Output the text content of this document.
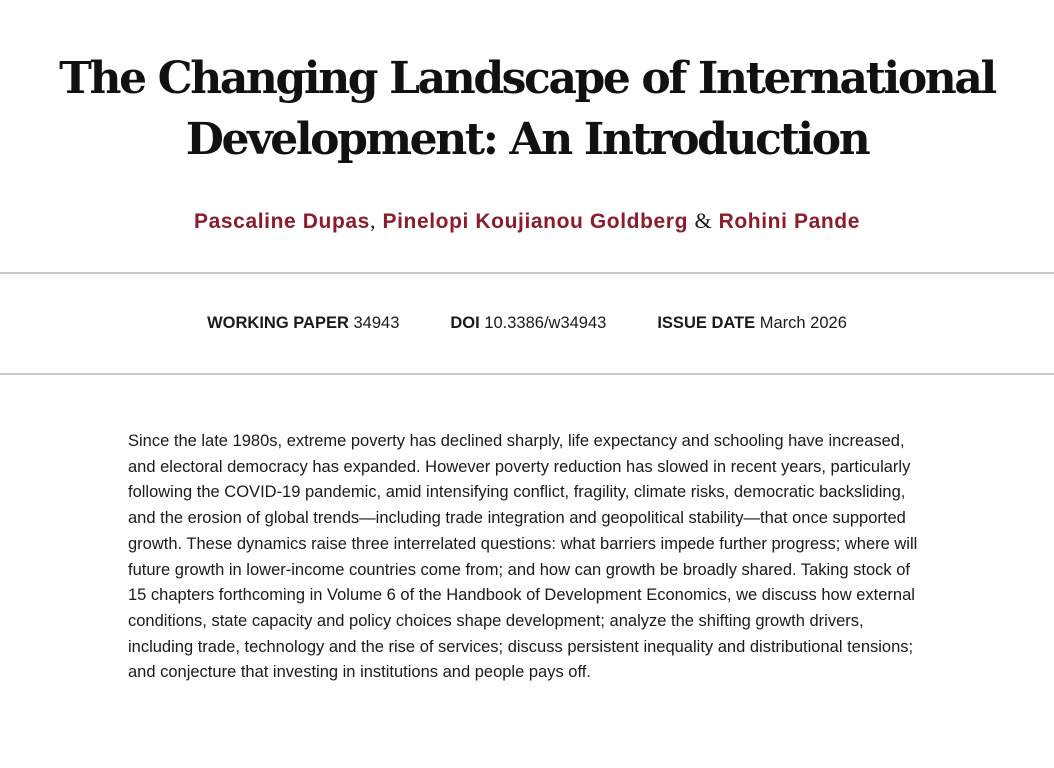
The Changing Landscape of International
Development: An Introduction
Pascaline Dupas, Pinelopi Koujianou Goldberg & Rohini Pande
WORKING PAPER 34943	DOI 10.3386/w34943	ISSUE DATE March 2026

Since the late 1980s, extreme poverty has declined sharply, life expectancy and schooling have increased, and electoral democracy has expanded. However poverty reduction has slowed in recent years, particularly following the COVID-19 pandemic, amid intensifying conflict, fragility, climate risks, democratic backsliding, and the erosion of global trends—including trade integration and geopolitical stability—that once supported growth. These dynamics raise three interrelated questions: what barriers impede further progress; where will future growth in lower-income countries come from; and how can growth be broadly shared. Taking stock of 15 chapters forthcoming in Volume 6 of the Handbook of Development Economics, we discuss how external conditions, state capacity and policy choices shape development; analyze the shifting growth drivers, including trade, technology and the rise of services; discuss persistent inequality and distributional tensions; and conjecture that investing in institutions and people pays off.
